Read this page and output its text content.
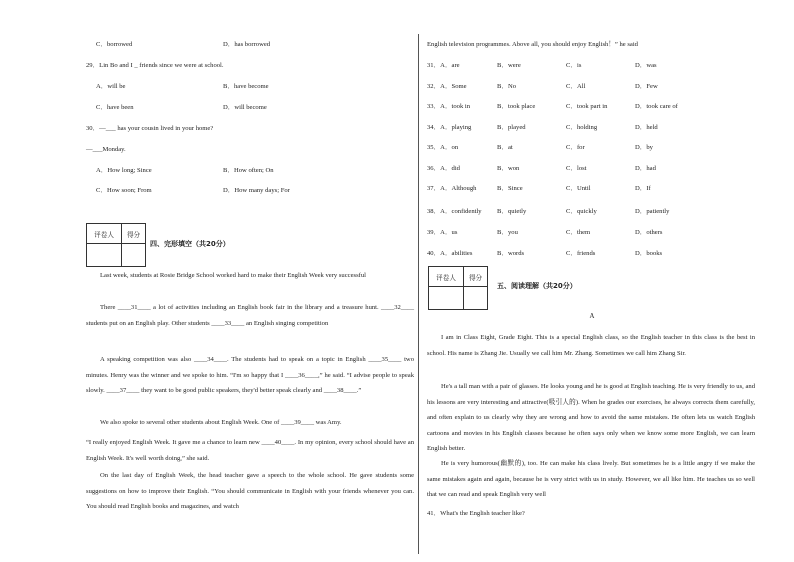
C．borrowed	D．has borrowed
29．Lin Bo and I _ friends since we were at school.
A．will be	B．have become
C．have been	D．will become
30．—___ has your cousin lived in your home?
—___Monday.
A．How long; Since	B．How often; On
C．How soon; From	D．How many days; For
评卷人	得分

四、完形填空（共20分）
Last week, students at Rosie Bridge School worked hard to make their English Week very successful
There ____31____ a lot of activities including an English book fair in the library and a treasure hunt. ____32____ students put on an English play. Other students ____33____ an English singing competition
A speaking competition was also ____34____. The students had to speak on a topic in English ____35____ two minutes. Henry was the winner and we spoke to him. “I'm so happy that I ____36____,” he said. “I advise people to speak slowly. ____37____ they want to be good public speakers, they'd better speak clearly and ____38____.”
We also spoke to several other students about English Week. One of ____39____ was Amy.
“I really enjoyed English Week. It gave me a chance to learn new ____40____. In my opinion, every school should have an English Week. It's well worth doing,” she said.
On the last day of English Week, the head teacher gave a speech to the whole school. He gave students some suggestions on how to improve their English. “You should communicate in English with your friends whenever you can. You should read English books and magazines, and watch
English television programmes. Above all, you should enjoy English！” he said
31．A．are	B．were	C．is	D．was
32．A．Some	B．No	C．All	D．Few
33．A．took in	B．took place	C．took part in	D．took care of
34．A．playing	B．played	C．holding	D．held
35．A．on	B．at	C．for	D．by
36．A．did	B．won	C．lost	D．had
37．A．Although	B．Since	C．Until	D．If
38．A．confidently B．quietly	C．quickly	D．patiently
39．A．us	B．you	C．them	D．others
40．A．abilities	B．words	C．friends	D．books
评卷人	得分

五、阅读理解（共20分）
A
I am in Class Eight, Grade Eight. This is a special English class, so the English teacher in this class is the best in school. His name is Zhang Jie. Usually we call him Mr. Zhang. Sometimes we call him Zhang Sir.
He's a tall man with a pair of glasses. He looks young and he is good at English teaching. He is very friendly to us, and his lessons are very interesting and attractive(吸引人的). When he grades our exercises, he always corrects them carefully, and often explain to us clearly why they are wrong and how to avoid the same mistakes. He often lets us watch English cartoons and movies in his English classes because he often says only when we know some more English, we can learn English better.
He is very humorous(幽默的), too. He can make his class lively. But sometimes he is a little angry if we make the same mistakes again and again, because he is very strict with us in study. However, we all like him. He teaches us so well that we can read and speak English very well
41．What's the English teacher like?
